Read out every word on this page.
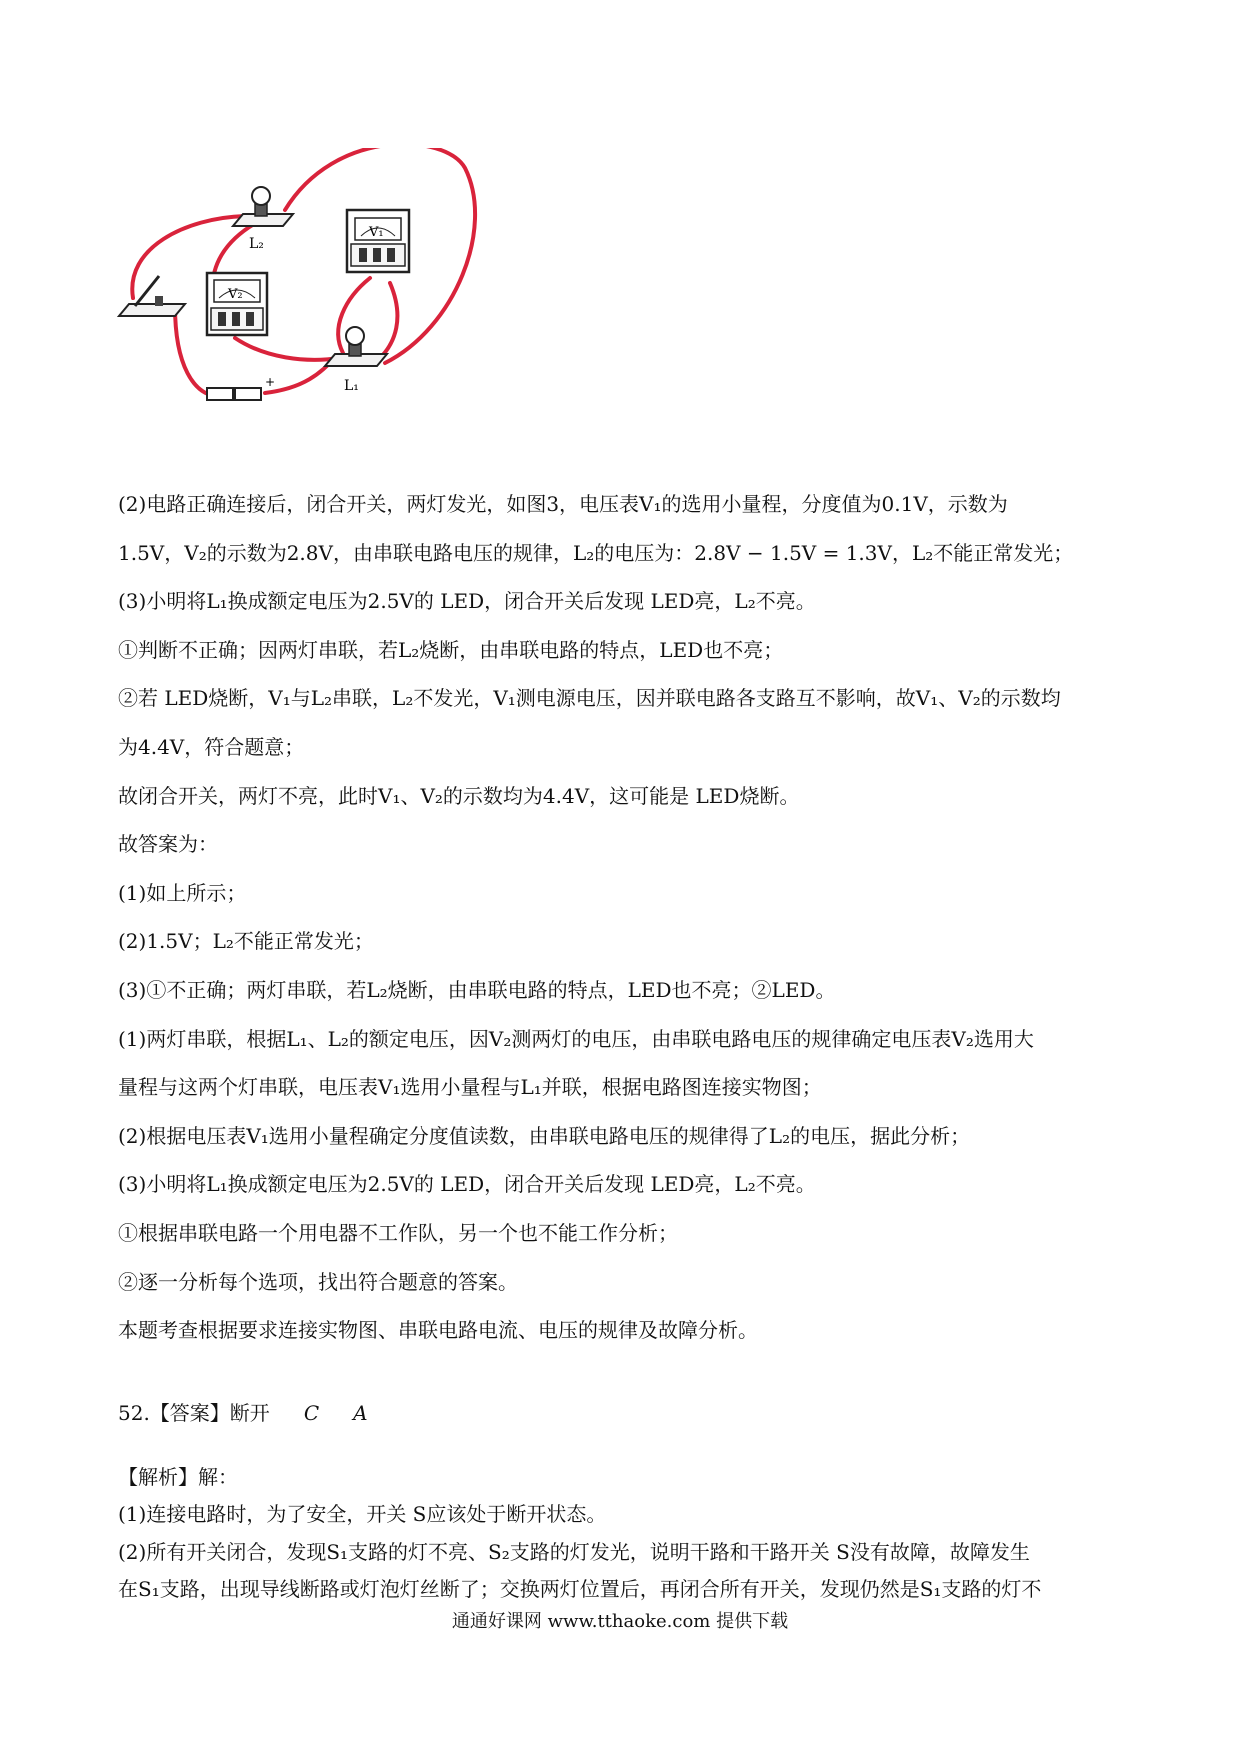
L₂
V₁
V₂
L₁
+
(2)电路正确连接后，闭合开关，两灯发光，如图3，电压表V₁的选用小量程，分度值为0.1V，示数为
1.5V，V₂的示数为2.8V，由串联电路电压的规律，L₂的电压为：2.8V − 1.5V = 1.3V，L₂不能正常发光；
(3)小明将L₁换成额定电压为2.5V的 LED，闭合开关后发现 LED亮，L₂不亮。
①判断不正确；因两灯串联，若L₂烧断，由串联电路的特点，LED也不亮；
②若 LED烧断，V₁与L₂串联，L₂不发光，V₁测电源电压，因并联电路各支路互不影响，故V₁、V₂的示数均
为4.4V，符合题意；
故闭合开关，两灯不亮，此时V₁、V₂的示数均为4.4V，这可能是 LED烧断。
故答案为：
(1)如上所示；
(2)1.5V；L₂不能正常发光；
(3)①不正确；两灯串联，若L₂烧断，由串联电路的特点，LED也不亮；②LED。
(1)两灯串联，根据L₁、L₂的额定电压，因V₂测两灯的电压，由串联电路电压的规律确定电压表V₂选用大
量程与这两个灯串联，电压表V₁选用小量程与L₁并联，根据电路图连接实物图；
(2)根据电压表V₁选用小量程确定分度值读数，由串联电路电压的规律得了L₂的电压，据此分析；
(3)小明将L₁换成额定电压为2.5V的 LED，闭合开关后发现 LED亮，L₂不亮。
①根据串联电路一个用电器不工作队，另一个也不能工作分析；
②逐一分析每个选项，找出符合题意的答案。
本题考查根据要求连接实物图、串联电路电流、电压的规律及故障分析。
52.【答案】断开 C A
【解析】解：
(1)连接电路时，为了安全，开关 S应该处于断开状态。
(2)所有开关闭合，发现S₁支路的灯不亮、S₂支路的灯发光，说明干路和干路开关 S没有故障，故障发生
在S₁支路，出现导线断路或灯泡灯丝断了；交换两灯位置后，再闭合所有开关，发现仍然是S₁支路的灯不
通通好课网 www.tthaoke.com 提供下载
